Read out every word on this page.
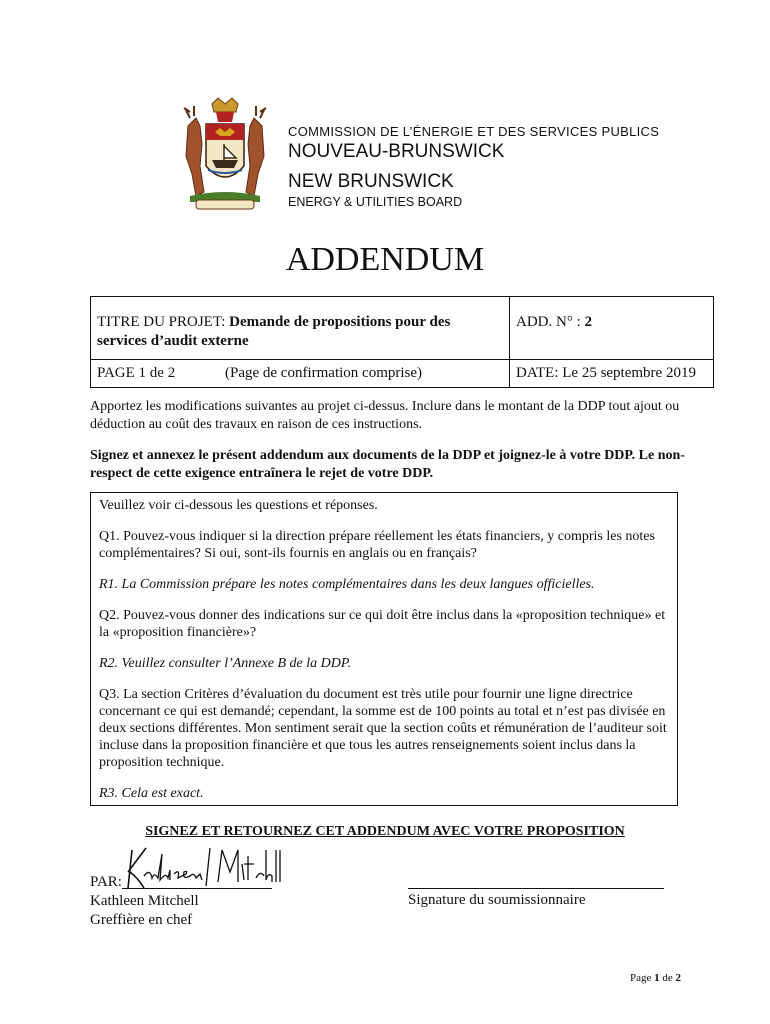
COMMISSION DE L’ÉNERGIE ET DES SERVICES PUBLICS
NOUVEAU-BRUNSWICK
NEW BRUNSWICK
ENERGY & UTILITIES BOARD
ADDENDUM
TITRE DU PROJET: Demande de propositions pour des services d’audit externe	ADD. N° : 2
PAGE 1 de 2 (Page de confirmation comprise)	DATE: Le 25 septembre 2019
Apportez les modifications suivantes au projet ci-dessus. Inclure dans le montant de la DDP tout ajout ou déduction au coût des travaux en raison de ces instructions.
Signez et annexez le présent addendum aux documents de la DDP et joignez-le à votre DDP. Le non-respect de cette exigence entraînera le rejet de votre DDP.

Veuillez voir ci-dessous les questions et réponses.

Q1. Pouvez-vous indiquer si la direction prépare réellement les états financiers, y compris les notes complémentaires? Si oui, sont-ils fournis en anglais ou en français?

R1. La Commission prépare les notes complémentaires dans les deux langues officielles.

Q2. Pouvez-vous donner des indications sur ce qui doit être inclus dans la «proposition technique» et la «proposition financière»?

R2. Veuillez consulter l’Annexe B de la DDP.

Q3. La section Critères d’évaluation du document est très utile pour fournir une ligne directrice concernant ce qui est demandé; cependant, la somme est de 100 points au total et n’est pas divisée en deux sections différentes. Mon sentiment serait que la section coûts et rémunération de l’auditeur soit incluse dans la proposition financière et que tous les autres renseignements soient inclus dans la proposition technique.

R3. Cela est exact.

SIGNEZ ET RETOURNEZ CET ADDENDUM AVEC VOTRE PROPOSITION
PAR:
Kathleen Mitchell
Greffière en chef
Signature du soumissionnaire
Page 1 de 2
